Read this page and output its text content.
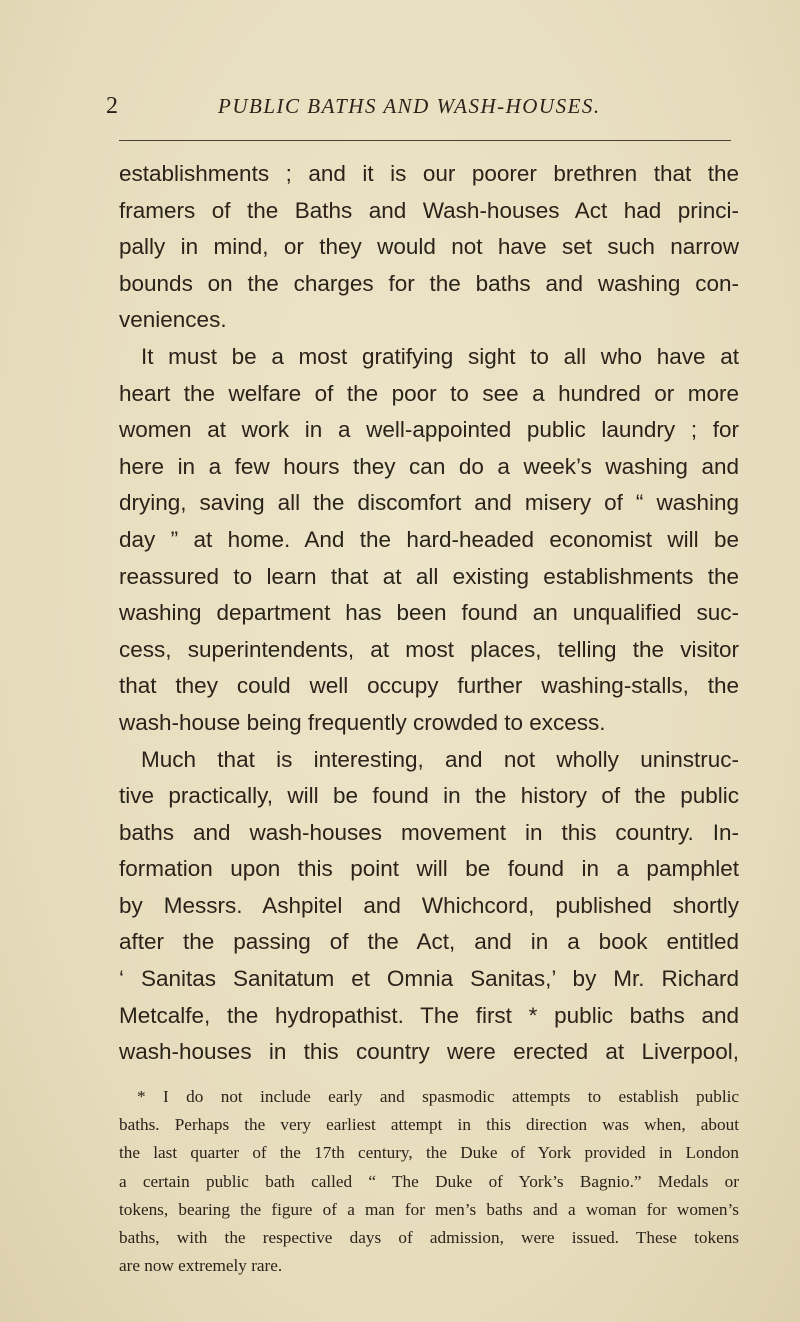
2	PUBLIC BATHS AND WASH-HOUSES.
establishments ; and it is our poorer brethren that the
framers of the Baths and Wash-houses Act had princi-
pally in mind, or they would not have set such narrow
bounds on the charges for the baths and washing con-
veniences.
It must be a most gratifying sight to all who have at
heart the welfare of the poor to see a hundred or more
women at work in a well-appointed public laundry ; for
here in a few hours they can do a week’s washing and
drying, saving all the discomfort and misery of “ washing
day ” at home. And the hard-headed economist will be
reassured to learn that at all existing establishments the
washing department has been found an unqualified suc-
cess, superintendents, at most places, telling the visitor
that they could well occupy further washing-stalls, the
wash-house being frequently crowded to excess.
Much that is interesting, and not wholly uninstruc-
tive practically, will be found in the history of the public
baths and wash-houses movement in this country. In-
formation upon this point will be found in a pamphlet
by Messrs. Ashpitel and Whichcord, published shortly
after the passing of the Act, and in a book entitled
‘ Sanitas Sanitatum et Omnia Sanitas,’ by Mr. Richard
Metcalfe, the hydropathist. The first * public baths and
wash-houses in this country were erected at Liverpool,
* I do not include early and spasmodic attempts to establish public
baths. Perhaps the very earliest attempt in this direction was when, about
the last quarter of the 17th century, the Duke of York provided in London
a certain public bath called “ The Duke of York’s Bagnio.” Medals or
tokens, bearing the figure of a man for men’s baths and a woman for women’s
baths, with the respective days of admission, were issued. These tokens
are now extremely rare.
